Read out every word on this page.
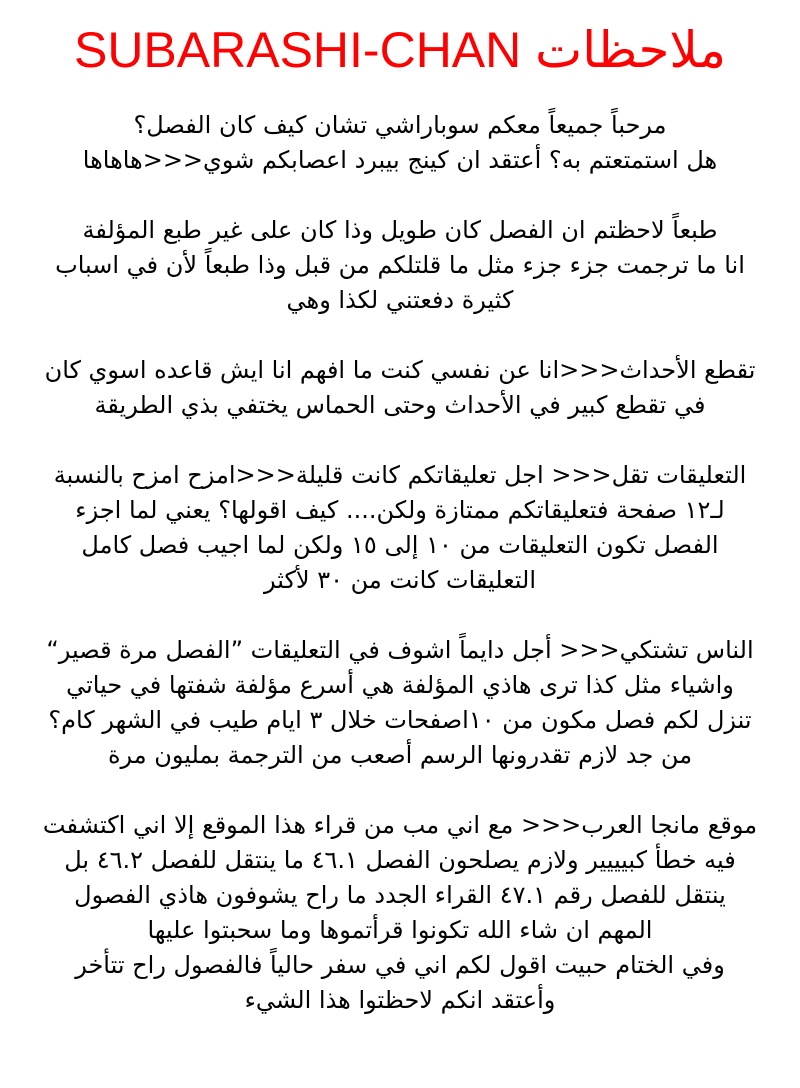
ملاحظات SUBARASHI-CHAN
مرحباً جميعاً معكم سوباراشي تشان كيف كان الفصل؟
هل استمتعتم به؟ أعتقد ان كينج بيبرد اعصابكم شوي<<<هاهاها
طبعاً لاحظتم ان الفصل كان طويل وذا كان على غير طبع المؤلفة
انا ما ترجمت جزء جزء مثل ما قلتلكم من قبل وذا طبعاً لأن في اسباب
كثيرة دفعتني لكذا وهي
تقطع الأحداث<<<انا عن نفسي كنت ما افهم انا ايش قاعده اسوي كان
في تقطع كبير في الأحداث وحتى الحماس يختفي بذي الطريقة
التعليقات تقل<<< اجل تعليقاتكم كانت قليلة<<<امزح امزح بالنسبة
لـ١٢ صفحة فتعليقاتكم ممتازة ولكن.... كيف اقولها؟ يعني لما اجزء
الفصل تكون التعليقات من ١٠ إلى ١٥ ولكن لما اجيب فصل كامل
التعليقات كانت من ٣٠ لأكثر
الناس تشتكي<<< أجل دايماً اشوف في التعليقات ”الفصل مرة قصير“
واشياء مثل كذا ترى هاذي المؤلفة هي أسرع مؤلفة شفتها في حياتي
تنزل لكم فصل مكون من ١٠اصفحات خلال ٣ ايام طيب في الشهر كام؟
من جد لازم تقدرونها الرسم أصعب من الترجمة بمليون مرة
موقع مانجا العرب<<< مع اني مب من قراء هذا الموقع إلا اني اكتشفت
فيه خطأ كبيييير ولازم يصلحون الفصل ٤٦.١ ما ينتقل للفصل ٤٦.٢ بل
ينتقل للفصل رقم ٤٧.١ القراء الجدد ما راح يشوفون هاذي الفصول
المهم ان شاء الله تكونوا قرأتموها وما سحبتوا عليها
وفي الختام حبيت اقول لكم اني في سفر حالياً فالفصول راح تتأخر
وأعتقد انكم لاحظتوا هذا الشيء
